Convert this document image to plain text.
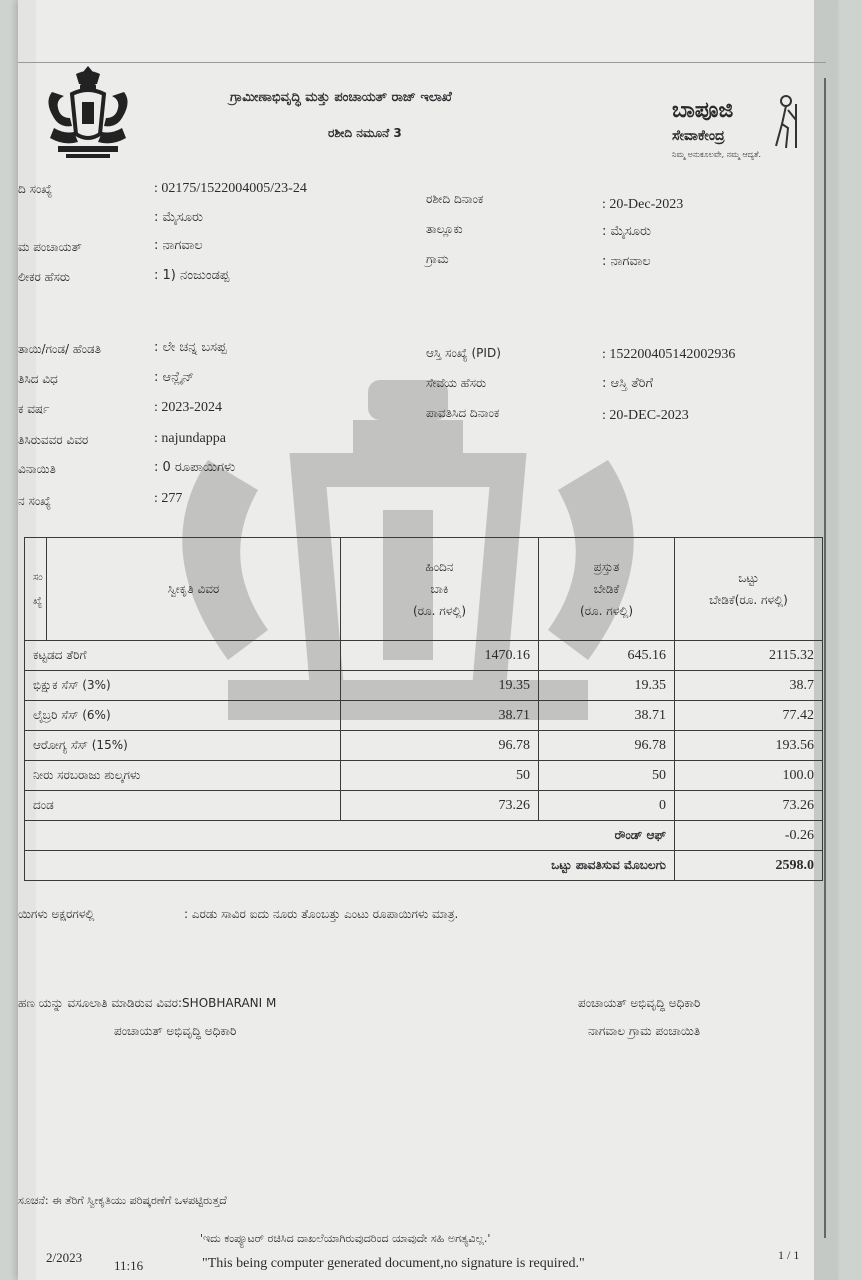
ಗ್ರಾಮೀಣಾಭಿವೃದ್ಧಿ ಮತ್ತು ಪಂಚಾಯತ್ ರಾಜ್ ಇಲಾಖೆ
ರಶೀದಿ ನಮೂನೆ 3
ಬಾಪೂಜಿ
ಸೇವಾಕೇಂದ್ರ
ನಿಮ್ಮ ಅನುಕೂಲವೇ, ನಮ್ಮ ಆದ್ಯತೆ.
ದಿ ಸಂಖ್ಯೆ	: 02175/1522004005/23-24
: ಮೈಸೂರು
ಮ ಪಂಚಾಯತ್	: ನಾಗವಾಲ
ಲೀಕರ ಹೆಸರು	: 1) ನಂಜುಂಡಪ್ಪ
ತಾಯಿ/ಗಂಡ/ ಹೆಂಡತಿ	: ಲೇ ಚನ್ನ ಬಸಪ್ಪ
ತಿಸಿದ ವಿಧ	: ಆನ್ಲೈನ್
ಕ ವರ್ಷ	: 2023-2024
ತಿಸಿರುವವರ ವಿವರ	: najundappa
ವಿನಾಯಿತಿ	: 0 ರೂಪಾಯಿಗಳು
ನ ಸಂಖ್ಯೆ	: 277
ರಶೀದಿ ದಿನಾಂಕ	: 20-Dec-2023
ತಾಲ್ಲೂಕು	: ಮೈಸೂರು
ಗ್ರಾಮ	: ನಾಗವಾಲ
ಆಸ್ತಿ ಸಂಖ್ಯೆ (PID)	: 152200405142002936
ಸೇವೆಯ ಹೆಸರು	: ಆಸ್ತಿ ತೆರಿಗೆ
ಪಾವತಿಸಿದ ದಿನಾಂಕ	: 20-DEC-2023
ಸಂ
ಖ್ಯೆ	ಸ್ವೀಕೃತಿ ವಿವರ	ಹಿಂದಿನ
ಬಾಕಿ
(ರೂ. ಗಳಲ್ಲಿ)	ಪ್ರಸ್ತುತ
ಬೇಡಿಕೆ
(ರೂ. ಗಳಲ್ಲಿ)	ಒಟ್ಟು
ಬೇಡಿಕೆ(ರೂ. ಗಳಲ್ಲಿ)
ಕಟ್ಟಡದ ತೆರಿಗೆ		1470.16	645.16	2115.32
ಭಿಕ್ಷುಕ ಸೆಸ್ (3%)		19.35	19.35	38.7
ಲೈಬ್ರರಿ ಸೆಸ್ (6%)		38.71	38.71	77.42
ಆರೋಗ್ಯ ಸೆಸ್ (15%)		96.78	96.78	193.56
ನೀರು ಸರಬರಾಜು ಶುಲ್ಕಗಳು		50	50	100.0
ದಂಡ		73.26	0	73.26
ರೌಂಡ್ ಆಫ್				-0.26
ಒಟ್ಟು ಪಾವತಿಸುವ ಮೊಬಲಗು				2598.0
ಯಿಗಳು ಅಕ್ಷರಗಳಲ್ಲಿ	: ಎರಡು ಸಾವಿರ ಐದು ನೂರು ತೊಂಬತ್ತು ಎಂಟು ರೂಪಾಯಿಗಳು ಮಾತ್ರ.
ಹಣ ಯನ್ನು ವಸೂಲಾತಿ ಮಾಡಿರುವ ವಿವರ:SHOBHARANI M
ಪಂಚಾಯತ್ ಅಭಿವೃದ್ಧಿ ಅಧಿಕಾರಿ
ಪಂಚಾಯತ್ ಅಭಿವೃದ್ಧಿ ಅಧಿಕಾರಿ
ನಾಗವಾಲ ಗ್ರಾಮ ಪಂಚಾಯಿತಿ
ಸೂಚನೆ: ಈ ತೆರಿಗೆ ಸ್ವೀಕೃತಿಯು ಪರಿಷ್ಕರಣೆಗೆ ಒಳಪಟ್ಟಿರುತ್ತದೆ
'ಇದು ಕಂಪ್ಯೂಟರ್ ರಚಿಸಿದ ದಾಖಲೆಯಾಗಿರುವುದರಿಂದ ಯಾವುದೇ ಸಹಿ ಅಗತ್ಯವಿಲ್ಲ.'
"This being computer generated document,no signature is required."
2/2023
11:16
1 / 1
